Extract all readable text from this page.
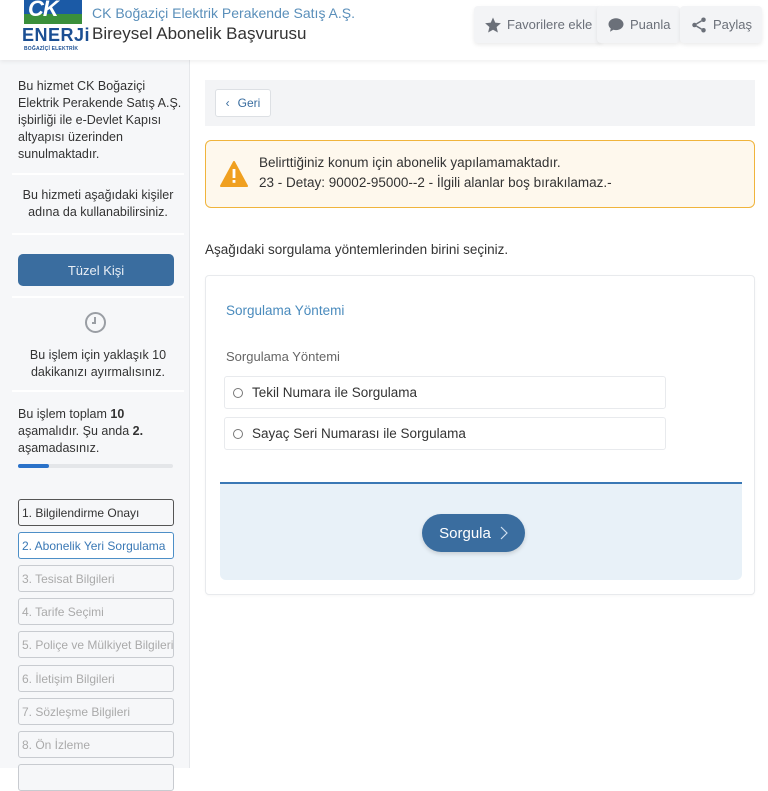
CK
ENERJi
BOĞAZİÇİ ELEKTRİK
CK Boğaziçi Elektrik Perakende Satış A.Ş.
Bireysel Abonelik Başvurusu	Favorilere ekle	Puanla	Paylaş
Bu hizmet CK Boğaziçi
Elektrik Perakende Satış A.Ş.
işbirliği ile e-Devlet Kapısı
altyapısı üzerinden
sunulmaktadır.
Bu hizmeti aşağıdaki kişiler
adına da kullanabilirsiniz.
Tüzel Kişi
Bu işlem için yaklaşık 10
dakikanızı ayırmalısınız.
Bu işlem toplam 10
aşamalıdır. Şu anda 2.
aşamadasınız.
1. Bilgilendirme Onayı
2. Abonelik Yeri Sorgulama
3. Tesisat Bilgileri
4. Tarife Seçimi
5. Poliçe ve Mülkiyet Bilgileri
6. İletişim Bilgileri
7. Sözleşme Bilgileri
8. Ön İzleme
‹ Geri
Belirttiğiniz konum için abonelik yapılamamaktadır.
23 - Detay: 90002-95000--2 - İlgili alanlar boş bırakılamaz.-
Aşağıdaki sorgulama yöntemlerinden birini seçiniz.
Sorgulama Yöntemi
Sorgulama Yöntemi
Tekil Numara ile Sorgulama
Sayaç Seri Numarası ile Sorgulama
Sorgula
